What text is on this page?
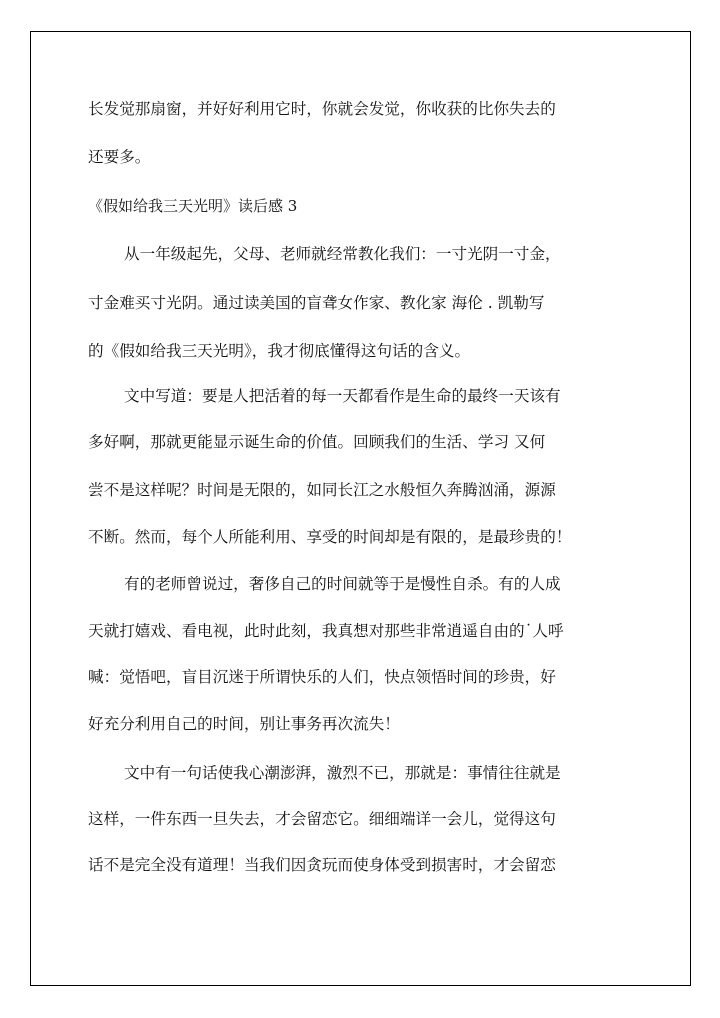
长发觉那扇窗，并好好利用它时，你就会发觉，你收获的比你失去的

还要多。

《假如给我三天光明》读后感 3

从一年级起先，父母、老师就经常教化我们：一寸光阴一寸金，

寸金难买寸光阴。通过读美国的盲聋女作家、教化家 海伦 . 凯勒写

的《假如给我三天光明》，我才彻底懂得这句话的含义。

文中写道：要是人把活着的每一天都看作是生命的最终一天该有

多好啊，那就更能显示诞生命的价值。回顾我们的生活、学习 又何

尝不是这样呢？时间是无限的，如同长江之水般恒久奔腾汹涌，源源

不断。然而，每个人所能利用、享受的时间却是有限的，是最珍贵的！

有的老师曾说过，奢侈自己的时间就等于是慢性自杀。有的人成

天就打嬉戏、看电视，此时此刻，我真想对那些非常逍遥自由的˙人呼

喊：觉悟吧，盲目沉迷于所谓快乐的人们，快点领悟时间的珍贵，好

好充分利用自己的时间，别让事务再次流失！

文中有一句话使我心潮澎湃，激烈不已，那就是：事情往往就是

这样，一件东西一旦失去，才会留恋它。细细端详一会儿，觉得这句

话不是完全没有道理！当我们因贪玩而使身体受到损害时，才会留恋
